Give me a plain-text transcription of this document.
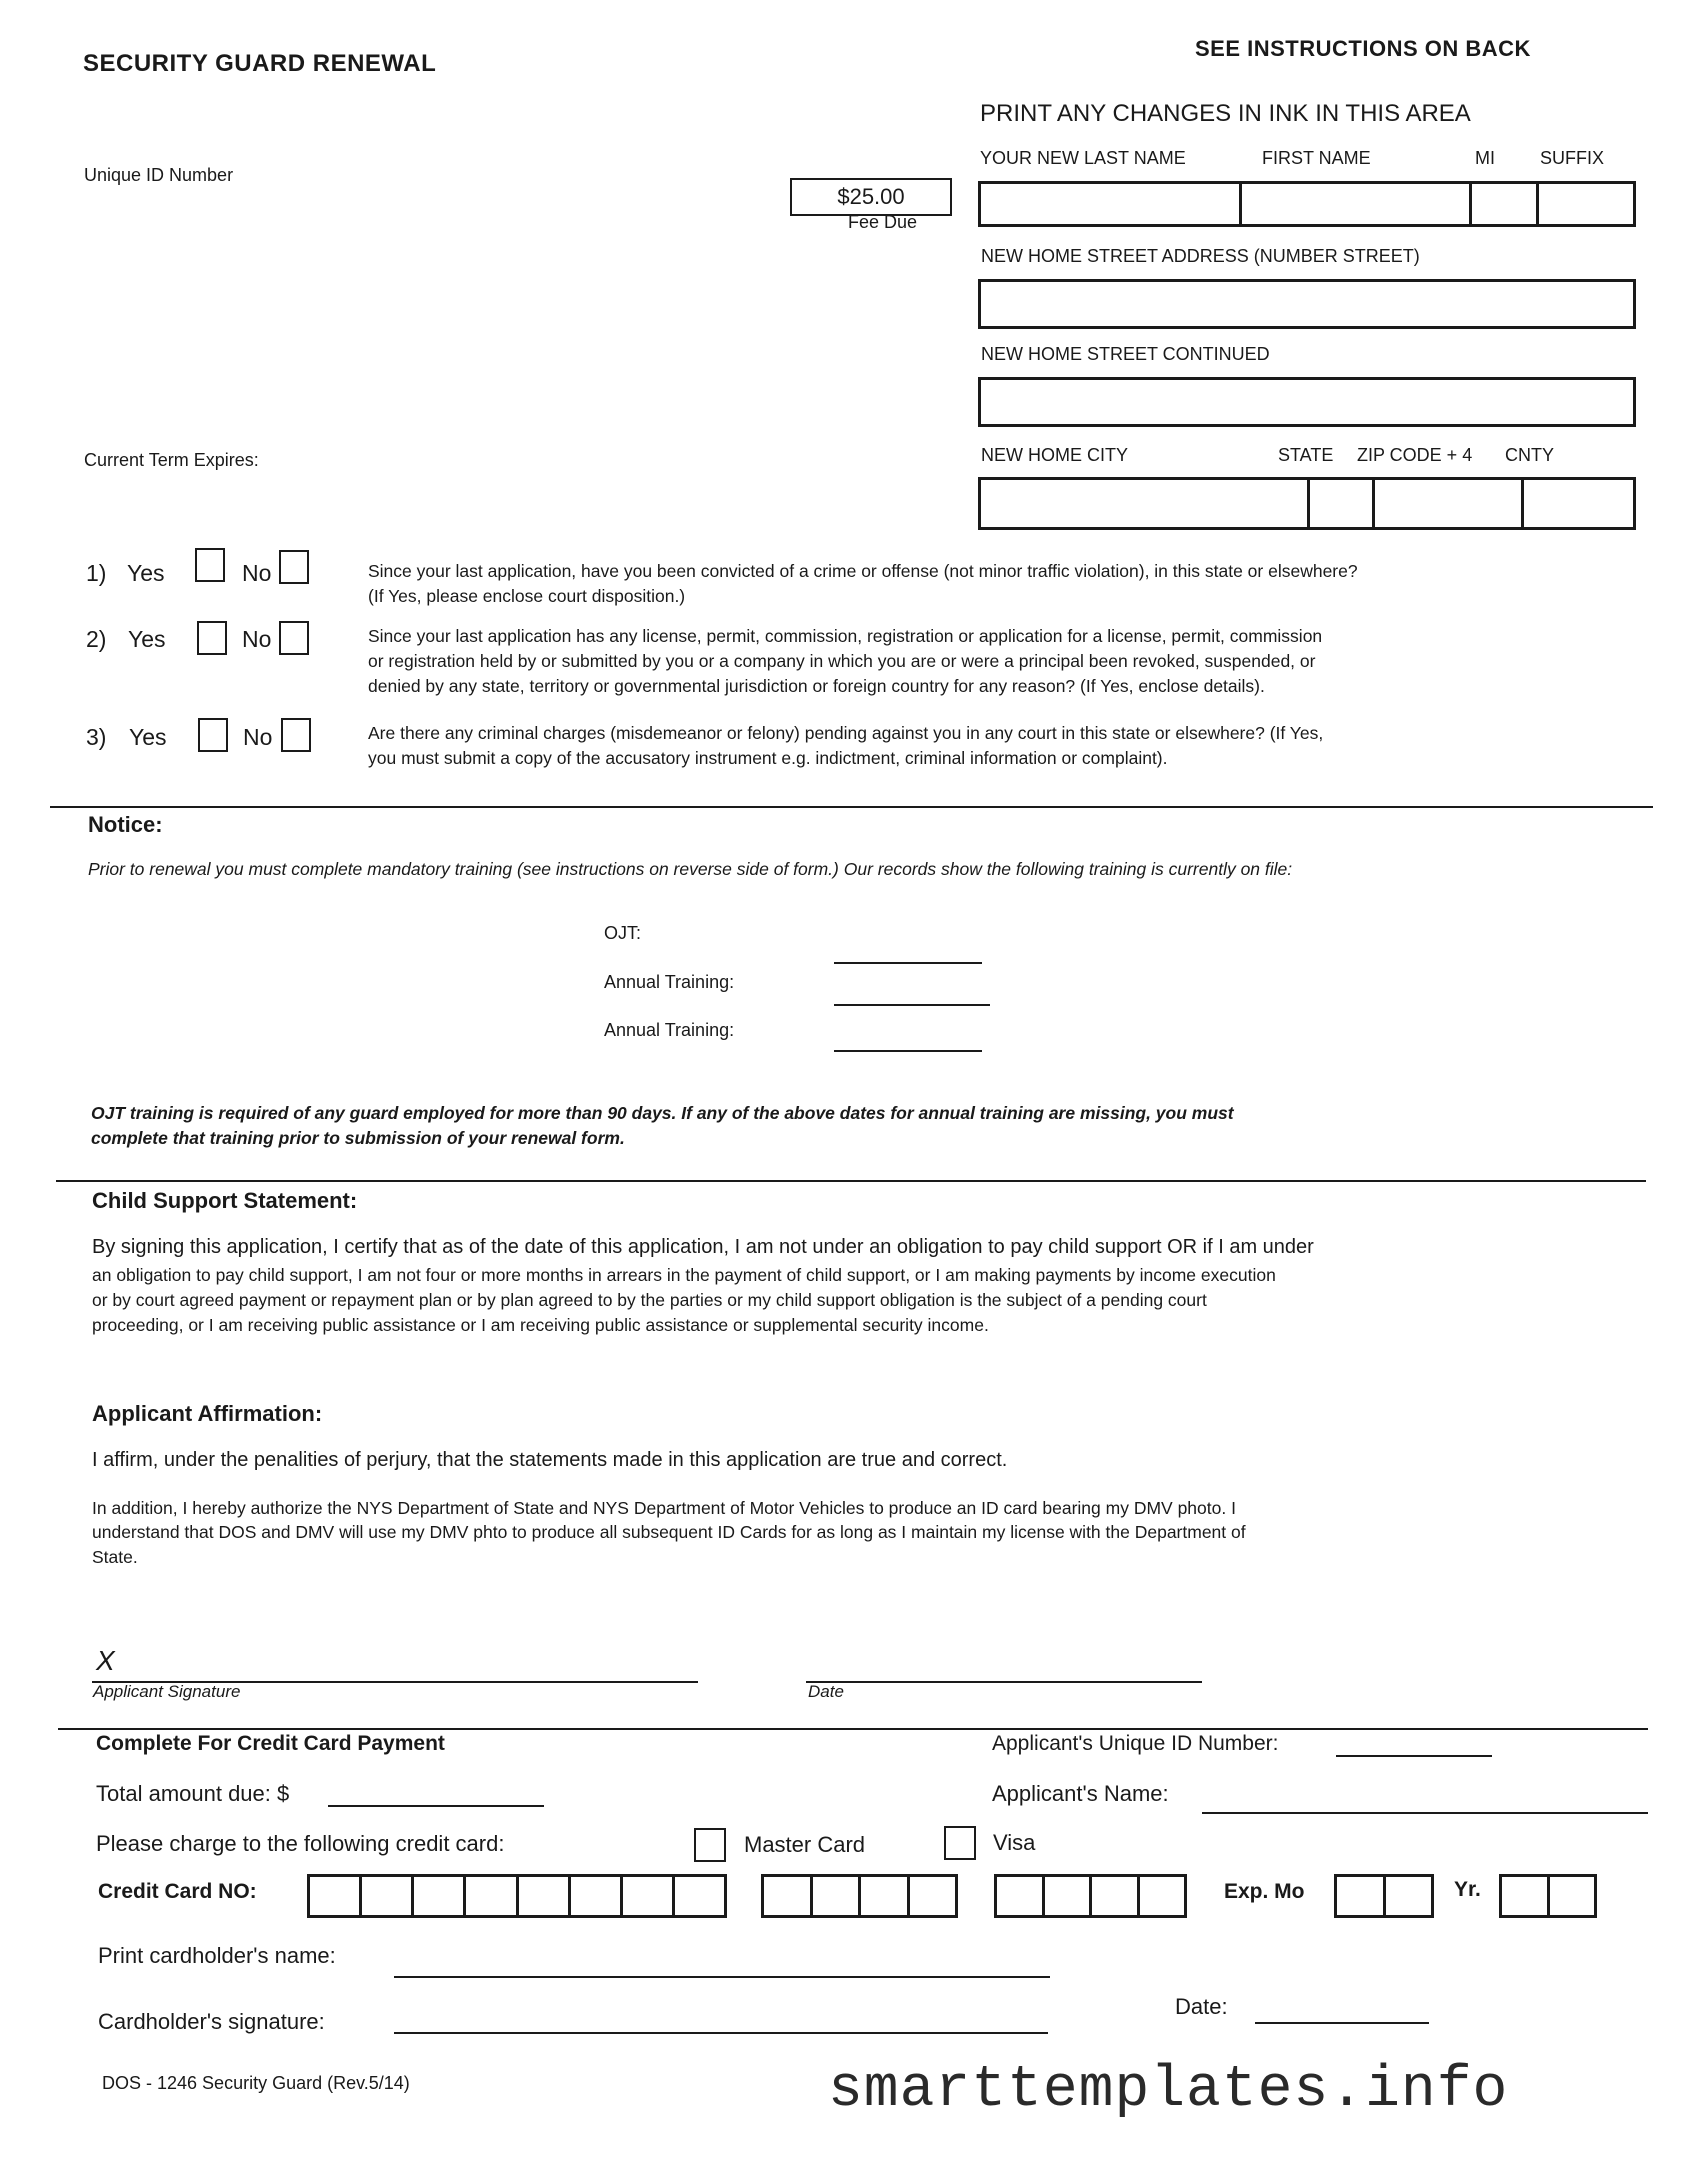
SECURITY GUARD RENEWAL
SEE INSTRUCTIONS ON BACK
PRINT ANY CHANGES IN INK IN THIS AREA
Unique ID Number
Current Term Expires:
$25.00
Fee Due
YOUR NEW LAST NAME	FIRST NAME	MI	SUFFIX
NEW HOME STREET ADDRESS (NUMBER STREET)
NEW HOME STREET CONTINUED
NEW HOME CITY	STATE ZIP CODE + 4 CNTY
1) Yes	No	Since your last application, have you been convicted of a crime or offense (not minor traffic violation), in this state or elsewhere?
(If Yes, please enclose court disposition.)
2) Yes	No	Since your last application has any license, permit, commission, registration or application for a license, permit, commission
or registration held by or submitted by you or a company in which you are or were a principal been revoked, suspended, or
denied by any state, territory or governmental jurisdiction or foreign country for any reason? (If Yes, enclose details).
3) Yes	No	Are there any criminal charges (misdemeanor or felony) pending against you in any court in this state or elsewhere? (If Yes,
you must submit a copy of the accusatory instrument e.g. indictment, criminal information or complaint).
Notice:
Prior to renewal you must complete mandatory training (see instructions on reverse side of form.) Our records show the following training is currently on file:
OJT:
Annual Training:
Annual Training:
OJT training is required of any guard employed for more than 90 days. If any of the above dates for annual training are missing, you must
complete that training prior to submission of your renewal form.
Child Support Statement:
By signing this application, I certify that as of the date of this application, I am not under an obligation to pay child support OR if I am under
an obligation to pay child support, I am not four or more months in arrears in the payment of child support, or I am making payments by income execution
or by court agreed payment or repayment plan or by plan agreed to by the parties or my child support obligation is the subject of a pending court
proceeding, or I am receiving public assistance or I am receiving public assistance or supplemental security income.
Applicant Affirmation:
I affirm, under the penalities of perjury, that the statements made in this application are true and correct.
In addition, I hereby authorize the NYS Department of State and NYS Department of Motor Vehicles to produce an ID card bearing my DMV photo. I
understand that DOS and DMV will use my DMV phto to produce all subsequent ID Cards for as long as I maintain my license with the Department of
State.
X
Applicant Signature	Date
Complete For Credit Card Payment	Applicant's Unique ID Number:
Total amount due: $	Applicant's Name:
Please charge to the following credit card:	Master Card	Visa
Credit Card NO:	Exp. Mo	Yr.
Print cardholder's name:
Cardholder's signature:
Date:
DOS - 1246 Security Guard (Rev.5/14)	smarttemplates.info
